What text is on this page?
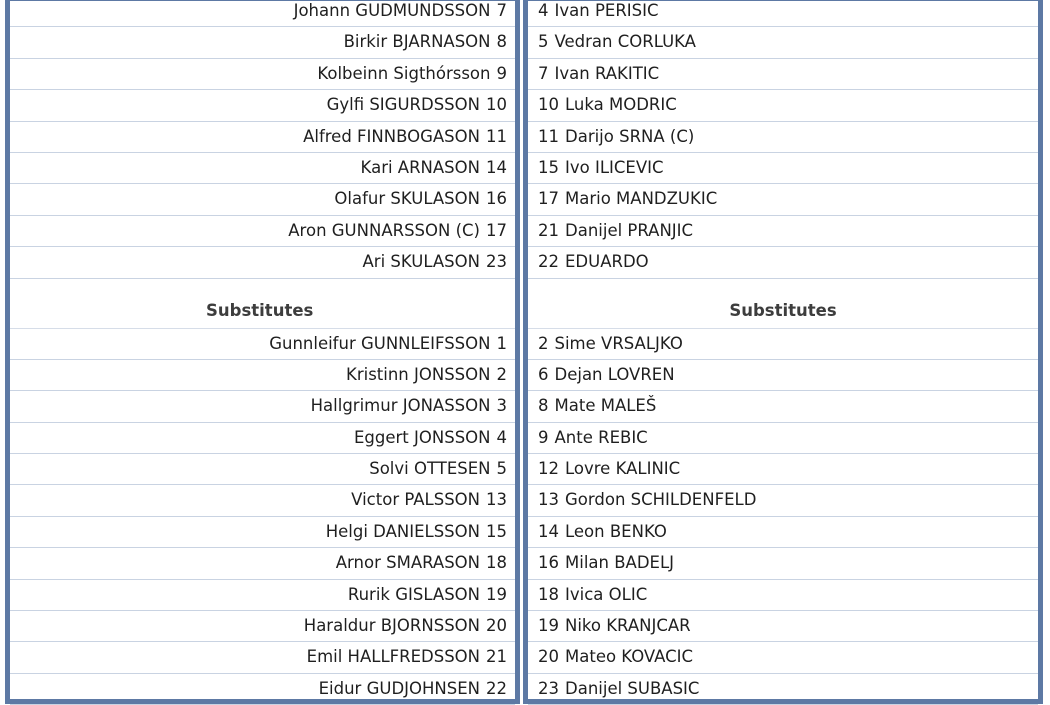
Johann GUDMUNDSSON 7
Birkir BJARNASON 8
Kolbeinn Sigthórsson 9
Gylfi SIGURDSSON 10
Alfred FINNBOGASON 11
Kari ARNASON 14
Olafur SKULASON 16
Aron GUNNARSSON (C) 17
Ari SKULASON 23
Substitutes
Gunnleifur GUNNLEIFSSON 1
Kristinn JONSSON 2
Hallgrimur JONASSON 3
Eggert JONSSON 4
Solvi OTTESEN 5
Victor PALSSON 13
Helgi DANIELSSON 15
Arnor SMARASON 18
Rurik GISLASON 19
Haraldur BJORNSSON 20
Emil HALLFREDSSON 21
Eidur GUDJOHNSEN 22
4 Ivan PERISIC
5 Vedran CORLUKA
7 Ivan RAKITIC
10 Luka MODRIC
11 Darijo SRNA (C)
15 Ivo ILICEVIC
17 Mario MANDZUKIC
21 Danijel PRANJIC
22 EDUARDO
Substitutes
2 Sime VRSALJKO
6 Dejan LOVREN
8 Mate MALEŠ
9 Ante REBIC
12 Lovre KALINIC
13 Gordon SCHILDENFELD
14 Leon BENKO
16 Milan BADELJ
18 Ivica OLIC
19 Niko KRANJCAR
20 Mateo KOVACIC
23 Danijel SUBASIC
